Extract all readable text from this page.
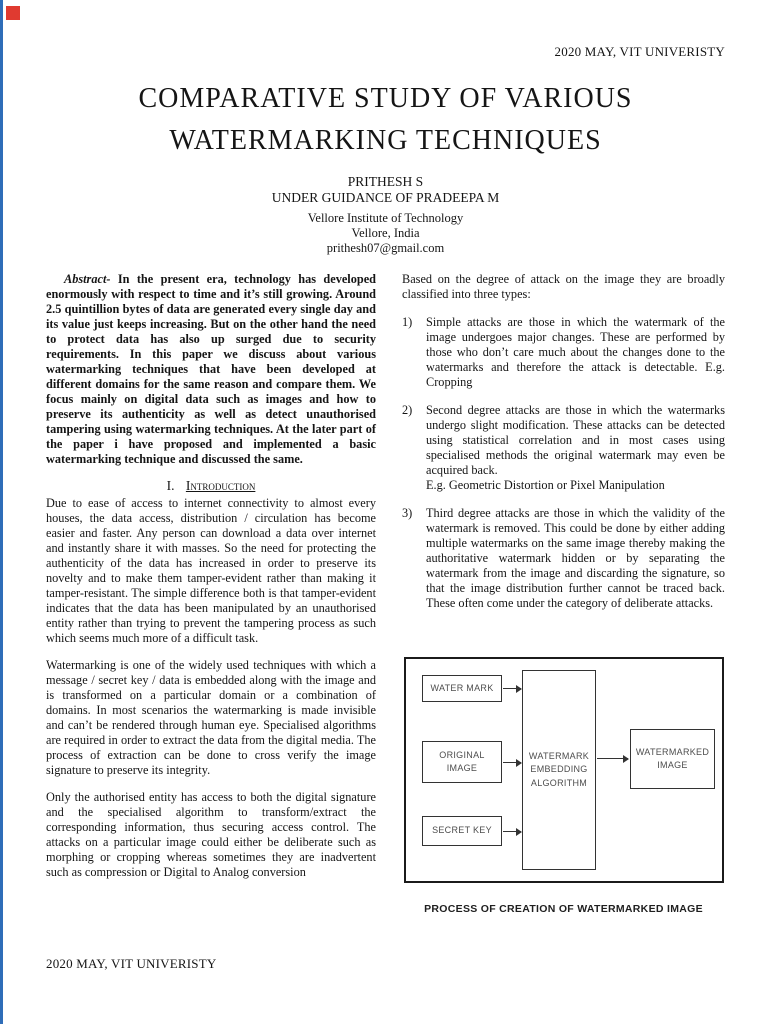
2020 MAY, VIT UNIVERISTY
COMPARATIVE STUDY OF VARIOUS
WATERMARKING TECHNIQUES
PRITHESH S
UNDER GUIDANCE OF PRADEEPA M
Vellore Institute of Technology
Vellore, India
prithesh07@gmail.com

Abstract- In the present era, technology has developed enormously with respect to time and it’s still growing. Around 2.5 quintillion bytes of data are generated every single day and its value just keeps increasing. But on the other hand the need to protect data has also up surged due to security requirements. In this paper we discuss about various watermarking techniques that have been developed at different domains for the same reason and compare them. We focus mainly on digital data such as images and how to preserve its authenticity as well as detect unauthorised tampering using watermarking techniques. At the later part of the paper i have proposed and implemented a basic watermarking technique and discussed the same.

I. Introduction

Due to ease of access to internet connectivity to almost every houses, the data access, distribution / circulation has become easier and faster. Any person can download a data over internet and instantly share it with masses. So the need for protecting the authenticity of the data has increased in order to preserve its novelty and to make them tamper-evident rather than making it tamper-resistant. The simple difference both is that tamper-evident indicates that the data has been manipulated by an unauthorised entity rather than trying to prevent the tampering process as such which seems much more of a difficult task.

Watermarking is one of the widely used techniques with which a message / secret key / data is embedded along with the image and is transformed on a particular domain or a combination of domains. In most scenarios the watermarking is made invisible and can’t be rendered through human eye. Specialised algorithms are required in order to extract the data from the digital media. The process of extraction can be done to cross verify the image signature to preserve its integrity.

Only the authorised entity has access to both the digital signature and the specialised algorithm to transform/extract the corresponding information, thus securing access control. The attacks on a particular image could either be deliberate such as morphing or cropping whereas sometimes they are inadvertent such as compression or Digital to Analog conversion

Based on the degree of attack on the image they are broadly classified into three types:

1)	Simple attacks are those in which the watermark of the image undergoes major changes. These are performed by those who don’t care much about the changes done to the watermarks and therefore the attack is detectable. E.g. Cropping
2)	Second degree attacks are those in which the watermarks undergo slight modification. These attacks can be detected using statistical correlation and in most cases using specialised methods the original watermark may even be acquired back.
E.g. Geometric Distortion or Pixel Manipulation
3)	Third degree attacks are those in which the validity of the watermark is removed. This could be done by either adding multiple watermarks on the same image thereby making the authoritative watermark hidden or by separating the watermark from the image and discarding the signature, so that the image distribution further cannot be traced back. These often come under the category of deliberate attacks.
WATER MARK
ORIGINAL IMAGE
SECRET KEY
WATERMARK EMBEDDING ALGORITHM
WATERMARKED IMAGE
PROCESS OF CREATION OF WATERMARKED IMAGE
2020 MAY, VIT UNIVERISTY
